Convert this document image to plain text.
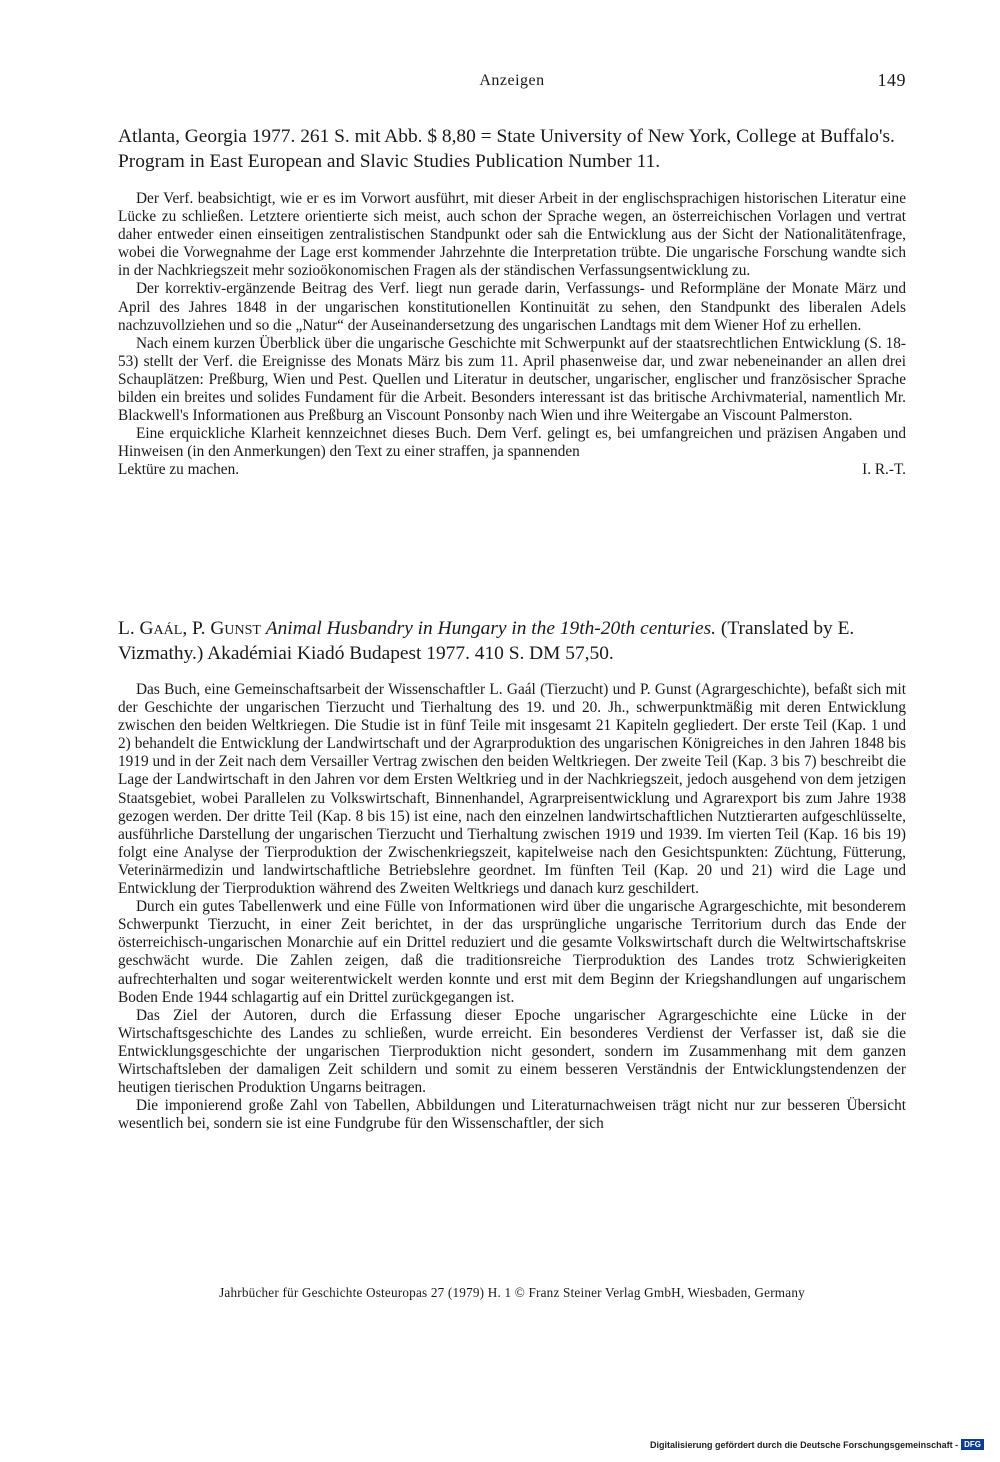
Anzeigen	149
Atlanta, Georgia 1977. 261 S. mit Abb. $ 8,80 = State University of New York, College at Buffalo's. Program in East European and Slavic Studies Publication Number 11.

Der Verf. beabsichtigt, wie er es im Vorwort ausführt, mit dieser Arbeit in der englischsprachigen historischen Literatur eine Lücke zu schließen. Letztere orientierte sich meist, auch schon der Sprache wegen, an österreichischen Vorlagen und vertrat daher entweder einen einseitigen zentralistischen Standpunkt oder sah die Entwicklung aus der Sicht der Nationalitätenfrage, wobei die Vorwegnahme der Lage erst kommender Jahrzehnte die Interpretation trübte. Die ungarische Forschung wandte sich in der Nachkriegszeit mehr sozioökonomischen Fragen als der ständischen Verfassungsentwicklung zu.

Der korrektiv-ergänzende Beitrag des Verf. liegt nun gerade darin, Verfassungs- und Reformpläne der Monate März und April des Jahres 1848 in der ungarischen konstitutionellen Kontinuität zu sehen, den Standpunkt des liberalen Adels nachzuvollziehen und so die „Natur“ der Auseinandersetzung des ungarischen Landtags mit dem Wiener Hof zu erhellen.

Nach einem kurzen Überblick über die ungarische Geschichte mit Schwerpunkt auf der staatsrechtlichen Entwicklung (S. 18-53) stellt der Verf. die Ereignisse des Monats März bis zum 11. April phasenweise dar, und zwar nebeneinander an allen drei Schauplätzen: Preßburg, Wien und Pest. Quellen und Literatur in deutscher, ungarischer, englischer und französischer Sprache bilden ein breites und solides Fundament für die Arbeit. Besonders interessant ist das britische Archivmaterial, namentlich Mr. Blackwell's Informationen aus Preßburg an Viscount Ponsonby nach Wien und ihre Weitergabe an Viscount Palmerston.

Eine erquickliche Klarheit kennzeichnet dieses Buch. Dem Verf. gelingt es, bei umfangreichen und präzisen Angaben und Hinweisen (in den Anmerkungen) den Text zu einer straffen, ja spannenden

Lektüre zu machen.	I. R.-T.
L. Gaál, P. Gunst Animal Husbandry in Hungary in the 19th-20th centuries. (Translated by E. Vizmathy.) Akadémiai Kiadó Budapest 1977. 410 S. DM 57,50.

Das Buch, eine Gemeinschaftsarbeit der Wissenschaftler L. Gaál (Tierzucht) und P. Gunst (Agrargeschichte), befaßt sich mit der Geschichte der ungarischen Tierzucht und Tierhaltung des 19. und 20. Jh., schwerpunktmäßig mit deren Entwicklung zwischen den beiden Weltkriegen. Die Studie ist in fünf Teile mit insgesamt 21 Kapiteln gegliedert. Der erste Teil (Kap. 1 und 2) behandelt die Entwicklung der Landwirtschaft und der Agrarproduktion des ungarischen Königreiches in den Jahren 1848 bis 1919 und in der Zeit nach dem Versailler Vertrag zwischen den beiden Weltkriegen. Der zweite Teil (Kap. 3 bis 7) beschreibt die Lage der Landwirtschaft in den Jahren vor dem Ersten Weltkrieg und in der Nachkriegszeit, jedoch ausgehend von dem jetzigen Staatsgebiet, wobei Parallelen zu Volkswirtschaft, Binnenhandel, Agrarpreisentwicklung und Agrarexport bis zum Jahre 1938 gezogen werden. Der dritte Teil (Kap. 8 bis 15) ist eine, nach den einzelnen landwirtschaftlichen Nutztierarten aufgeschlüsselte, ausführliche Darstellung der ungarischen Tierzucht und Tierhaltung zwischen 1919 und 1939. Im vierten Teil (Kap. 16 bis 19) folgt eine Analyse der Tierproduktion der Zwischenkriegszeit, kapitelweise nach den Gesichtspunkten: Züchtung, Fütterung, Veterinärmedizin und landwirtschaftliche Betriebslehre geordnet. Im fünften Teil (Kap. 20 und 21) wird die Lage und Entwicklung der Tierproduktion während des Zweiten Weltkriegs und danach kurz geschildert.

Durch ein gutes Tabellenwerk und eine Fülle von Informationen wird über die ungarische Agrargeschichte, mit besonderem Schwerpunkt Tierzucht, in einer Zeit berichtet, in der das ursprüngliche ungarische Territorium durch das Ende der österreichisch-ungarischen Monarchie auf ein Drittel reduziert und die gesamte Volkswirtschaft durch die Weltwirtschaftskrise geschwächt wurde. Die Zahlen zeigen, daß die traditionsreiche Tierproduktion des Landes trotz Schwierigkeiten aufrechterhalten und sogar weiterentwickelt werden konnte und erst mit dem Beginn der Kriegshandlungen auf ungarischem Boden Ende 1944 schlagartig auf ein Drittel zurückgegangen ist.

Das Ziel der Autoren, durch die Erfassung dieser Epoche ungarischer Agrargeschichte eine Lücke in der Wirtschaftsgeschichte des Landes zu schließen, wurde erreicht. Ein besonderes Verdienst der Verfasser ist, daß sie die Entwicklungsgeschichte der ungarischen Tierproduktion nicht gesondert, sondern im Zusammenhang mit dem ganzen Wirtschaftsleben der damaligen Zeit schildern und somit zu einem besseren Verständnis der Entwicklungstendenzen der heutigen tierischen Produktion Ungarns beitragen.

Die imponierend große Zahl von Tabellen, Abbildungen und Literaturnachweisen trägt nicht nur zur besseren Übersicht wesentlich bei, sondern sie ist eine Fundgrube für den Wissenschaftler, der sich

Jahrbücher für Geschichte Osteuropas 27 (1979) H. 1 © Franz Steiner Verlag GmbH, Wiesbaden, Germany
Digitalisierung gefördert durch die Deutsche Forschungsgemeinschaft - DFG
